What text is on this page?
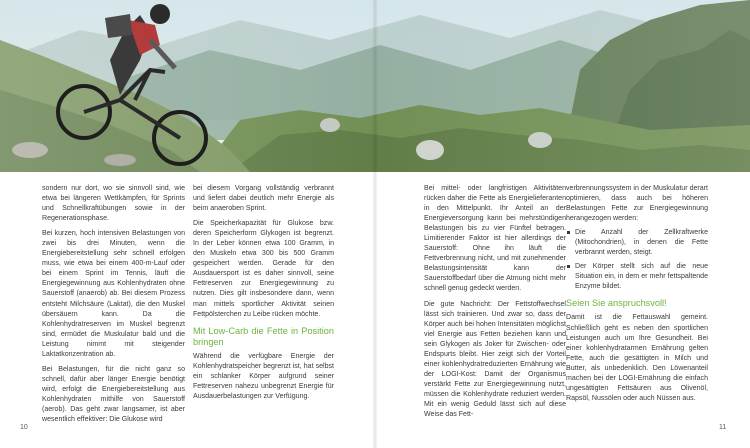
sondern nur dort, wo sie sinnvoll sind, wie etwa bei längeren Wettkämpfen, für Sprints und Schnellkraftübungen sowie in der Regenerationsphase.

Bei kurzen, hoch intensiven Belastungen von zwei bis drei Minuten, wenn die Energiebereitstellung sehr schnell erfolgen muss, wie etwa bei einem 400-m-Lauf oder bei einem Sprint im Tennis, läuft die Energiegewinnung aus Kohlenhydraten ohne Sauerstoff (anaerob) ab. Bei diesem Prozess entsteht Milchsäure (Laktat), die den Muskel übersäuern kann. Da die Kohlenhydratreserven im Muskel begrenzt sind, ermüdet die Muskulatur bald und die Leistung nimmt mit steigender Laktatkonzentration ab.

Bei Belastungen, für die nicht ganz so schnell, dafür aber länger Energie benötigt wird, erfolgt die Energiebereitstellung aus Kohlenhydraten mithilfe von Sauerstoff (aerob). Das geht zwar langsamer, ist aber wesentlich effektiver: Die Glukose wird

bei diesem Vorgang vollständig verbrannt und liefert dabei deutlich mehr Energie als beim anaeroben Sprint.

Die Speicherkapazität für Glukose bzw. deren Speicherform Glykogen ist begrenzt. In der Leber können etwa 100 Gramm, in den Muskeln etwa 300 bis 500 Gramm gespeichert werden. Gerade für den Ausdauersport ist es daher sinnvoll, seine Fettreserven zur Energiegewinnung zu nutzen. Dies gilt insbesondere dann, wenn man mittels sportlicher Aktivität seinen Fettpölsterchen zu Leibe rücken möchte.

Mit Low-Carb die Fette in Position bringen

Während die verfügbare Energie der Kohlenhydratspeicher begrenzt ist, hat selbst ein schlanker Körper aufgrund seiner Fettreserven nahezu unbegrenzt Energie für Ausdauerbelastungen zur Verfügung.

Bei mittel- oder langfristigen Aktivitäten rücken daher die Fette als Energielieferanten in den Mittelpunkt. Ihr Anteil an der Energieversorgung kann bei mehrstündigen Belastungen bis zu vier Fünftel betragen. Limitierender Faktor ist hier allerdings der Sauerstoff: Ohne ihn läuft die Fettverbrennung nicht, und mit zunehmender Belastungsintensität kann der Sauerstoffbedarf über die Atmung nicht mehr schnell genug gedeckt werden.

Die gute Nachricht: Der Fettstoffwechsel lässt sich trainieren. Und zwar so, dass der Körper auch bei hohen Intensitäten möglichst viel Energie aus Fetten beziehen kann und sein Glykogen als Joker für Zwischen- oder Endspurts bleibt. Hier zeigt sich der Vorteil einer kohlenhydratreduzierten Ernährung wie der LOGI-Kost: Damit der Organismus verstärkt Fette zur Energiegewinnung nutzt, müssen die Kohlenhydrate reduziert werden. Mit ein wenig Geduld lässt sich auf diese Weise das Fett-

verbrennungssystem in der Muskulatur derart optimieren, dass auch bei höheren Belastungen Fette zur Energiegewinnung herangezogen werden:

Die Anzahl der Zellkraftwerke (Mitochondrien), in denen die Fette verbrannt werden, steigt.
Der Körper stellt sich auf die neue Situation ein, in dem er mehr fettspaltende Enzyme bildet.
Seien Sie anspruchsvoll!

Damit ist die Fettauswahl gemeint. Schließlich geht es neben den sportlichen Leistungen auch um Ihre Gesundheit. Bei einer kohlenhydratarmen Ernährung gelten Fette, auch die gesättigten in Milch und Butter, als unbedenklich. Den Löwenanteil machen bei der LOGI-Ernährung die einfach ungesättigten Fettsäuren aus Olivenöl, Rapsöl, Nussölen oder auch Nüssen aus.

10	11
